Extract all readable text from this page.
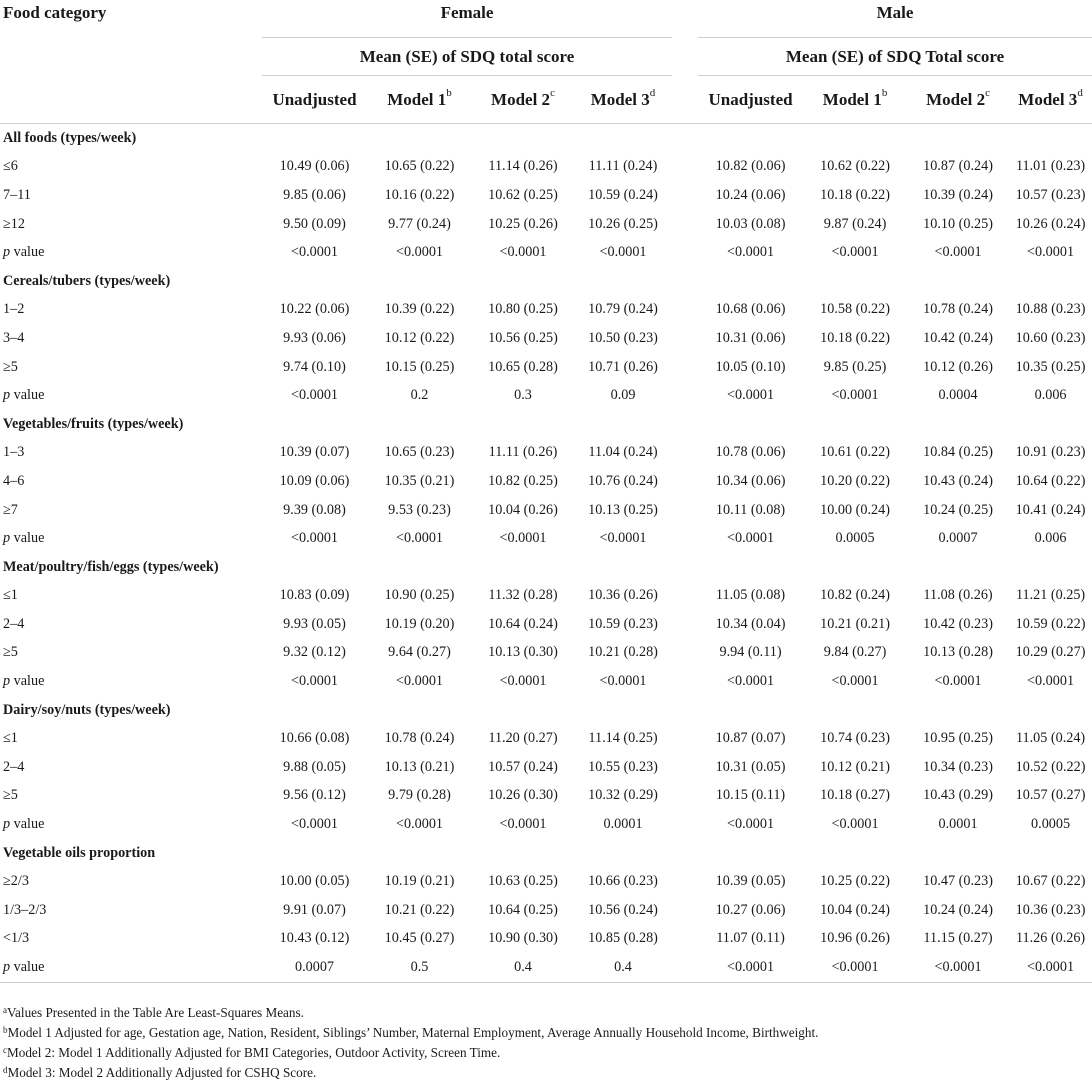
Food category	Female					Male			
	Mean (SE) of SDQ total score					Mean (SE) of SDQ Total score			
	Unadjusted	Model 1$^b$	Model 2$^c$	Model 3$^d$		Unadjusted	Model 1$^b$	Model 2$^c$	Model 3$^d$
All foods (types/week)									
≤6	10.49 (0.06)	10.65 (0.22)	11.14 (0.26)	11.11 (0.24)		10.82 (0.06)	10.62 (0.22)	10.87 (0.24)	11.01 (0.23)
7–11	9.85 (0.06)	10.16 (0.22)	10.62 (0.25)	10.59 (0.24)		10.24 (0.06)	10.18 (0.22)	10.39 (0.24)	10.57 (0.23)
≥12	9.50 (0.09)	9.77 (0.24)	10.25 (0.26)	10.26 (0.25)		10.03 (0.08)	9.87 (0.24)	10.10 (0.25)	10.26 (0.24)
p value	<0.0001	<0.0001	<0.0001	<0.0001		<0.0001	<0.0001	<0.0001	<0.0001
Cereals/tubers (types/week)									
1–2	10.22 (0.06)	10.39 (0.22)	10.80 (0.25)	10.79 (0.24)		10.68 (0.06)	10.58 (0.22)	10.78 (0.24)	10.88 (0.23)
3–4	9.93 (0.06)	10.12 (0.22)	10.56 (0.25)	10.50 (0.23)		10.31 (0.06)	10.18 (0.22)	10.42 (0.24)	10.60 (0.23)
≥5	9.74 (0.10)	10.15 (0.25)	10.65 (0.28)	10.71 (0.26)		10.05 (0.10)	9.85 (0.25)	10.12 (0.26)	10.35 (0.25)
p value	<0.0001	0.2	0.3	0.09		<0.0001	<0.0001	0.0004	0.006
Vegetables/fruits (types/week)									
1–3	10.39 (0.07)	10.65 (0.23)	11.11 (0.26)	11.04 (0.24)		10.78 (0.06)	10.61 (0.22)	10.84 (0.25)	10.91 (0.23)
4–6	10.09 (0.06)	10.35 (0.21)	10.82 (0.25)	10.76 (0.24)		10.34 (0.06)	10.20 (0.22)	10.43 (0.24)	10.64 (0.22)
≥7	9.39 (0.08)	9.53 (0.23)	10.04 (0.26)	10.13 (0.25)		10.11 (0.08)	10.00 (0.24)	10.24 (0.25)	10.41 (0.24)
p value	<0.0001	<0.0001	<0.0001	<0.0001		<0.0001	0.0005	0.0007	0.006
Meat/poultry/fish/eggs (types/week)									
≤1	10.83 (0.09)	10.90 (0.25)	11.32 (0.28)	10.36 (0.26)		11.05 (0.08)	10.82 (0.24)	11.08 (0.26)	11.21 (0.25)
2–4	9.93 (0.05)	10.19 (0.20)	10.64 (0.24)	10.59 (0.23)		10.34 (0.04)	10.21 (0.21)	10.42 (0.23)	10.59 (0.22)
≥5	9.32 (0.12)	9.64 (0.27)	10.13 (0.30)	10.21 (0.28)		9.94 (0.11)	9.84 (0.27)	10.13 (0.28)	10.29 (0.27)
p value	<0.0001	<0.0001	<0.0001	<0.0001		<0.0001	<0.0001	<0.0001	<0.0001
Dairy/soy/nuts (types/week)									
≤1	10.66 (0.08)	10.78 (0.24)	11.20 (0.27)	11.14 (0.25)		10.87 (0.07)	10.74 (0.23)	10.95 (0.25)	11.05 (0.24)
2–4	9.88 (0.05)	10.13 (0.21)	10.57 (0.24)	10.55 (0.23)		10.31 (0.05)	10.12 (0.21)	10.34 (0.23)	10.52 (0.22)
≥5	9.56 (0.12)	9.79 (0.28)	10.26 (0.30)	10.32 (0.29)		10.15 (0.11)	10.18 (0.27)	10.43 (0.29)	10.57 (0.27)
p value	<0.0001	<0.0001	<0.0001	0.0001		<0.0001	<0.0001	0.0001	0.0005
Vegetable oils proportion									
≥2/3	10.00 (0.05)	10.19 (0.21)	10.63 (0.25)	10.66 (0.23)		10.39 (0.05)	10.25 (0.22)	10.47 (0.23)	10.67 (0.22)
1/3–2/3	9.91 (0.07)	10.21 (0.22)	10.64 (0.25)	10.56 (0.24)		10.27 (0.06)	10.04 (0.24)	10.24 (0.24)	10.36 (0.23)
<1/3	10.43 (0.12)	10.45 (0.27)	10.90 (0.30)	10.85 (0.28)		11.07 (0.11)	10.96 (0.26)	11.15 (0.27)	11.26 (0.26)
p value	0.0007	0.5	0.4	0.4		<0.0001	<0.0001	<0.0001	<0.0001
$^a$Values Presented in the Table Are Least-Squares Means.
$^b$Model 1 Adjusted for age, Gestation age, Nation, Resident, Siblings’ Number, Maternal Employment, Average Annually Household Income, Birthweight.
$^c$Model 2: Model 1 Additionally Adjusted for BMI Categories, Outdoor Activity, Screen Time.
$^d$Model 3: Model 2 Additionally Adjusted for CSHQ Score.
